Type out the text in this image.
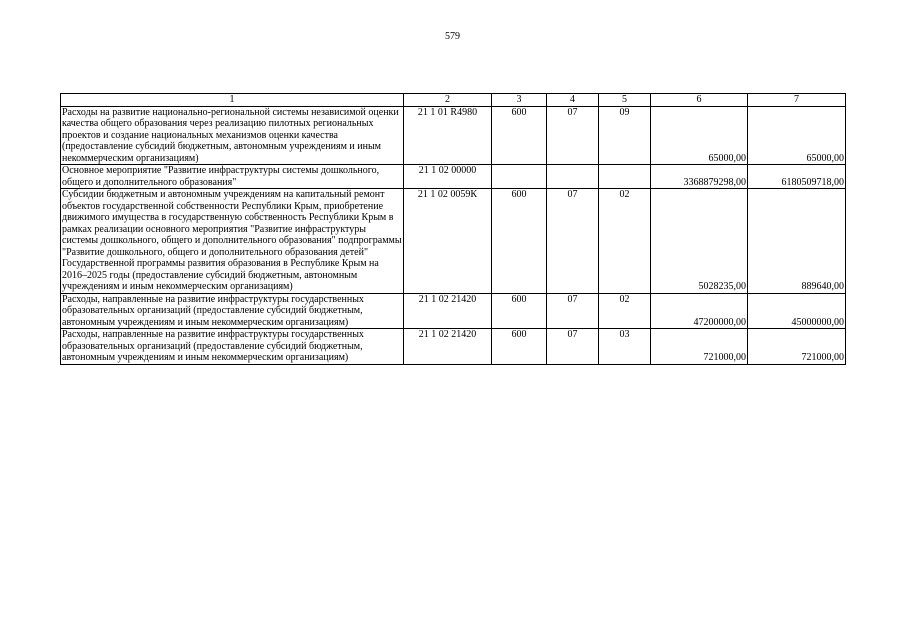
579
1	2	3	4	5	6	7
Расходы на развитие национально-регионально́й системы независимой оценки качества общего образования через реализацию пилотных региональных проектов и создание национальных механизмов оценки качества (предоставление субсидий бюджетным, автономным учреждениям и иным некоммерческим организациям)	21 1 01 R4980	600	07	09	65000,00	65000,00
Основное мероприятие "Развитие инфраструктуры системы дошкольного, общего и дополнительного образования"	21 1 02 00000				3368879298,00	6180509718,00
Субсидии бюджетным и автономным учреждениям на капитальный ремонт объектов государственной собственности Республики Крым, приобретение движимого имущества в государственную собственность Республики Крым в рамках реализации основного мероприятия "Развитие инфраструктуры системы дошкольного, общего и дополнительного образования" подпрограммы "Развитие дошкольного, общего и дополнительного образования детей" Государственной программы развития образования в Республике Крым на 2016–2025 годы (предоставление субсидий бюджетным, автономным учреждениям и иным некоммерческим организациям)	21 1 02 0059К	600	07	02	5028235,00	889640,00
Расходы, направленные на развитие инфраструктуры государственных образовательных организаций (предоставление субсидий бюджетным, автономным учреждениям и иным некоммерческим организациям)	21 1 02 21420	600	07	02	47200000,00	45000000,00
Расходы, направленные на развитие инфраструктуры государственных образовательных организаций (предоставление субсидий бюджетным, автономным учреждениям и иным некоммерческим организациям)	21 1 02 21420	600	07	03	721000,00	721000,00
